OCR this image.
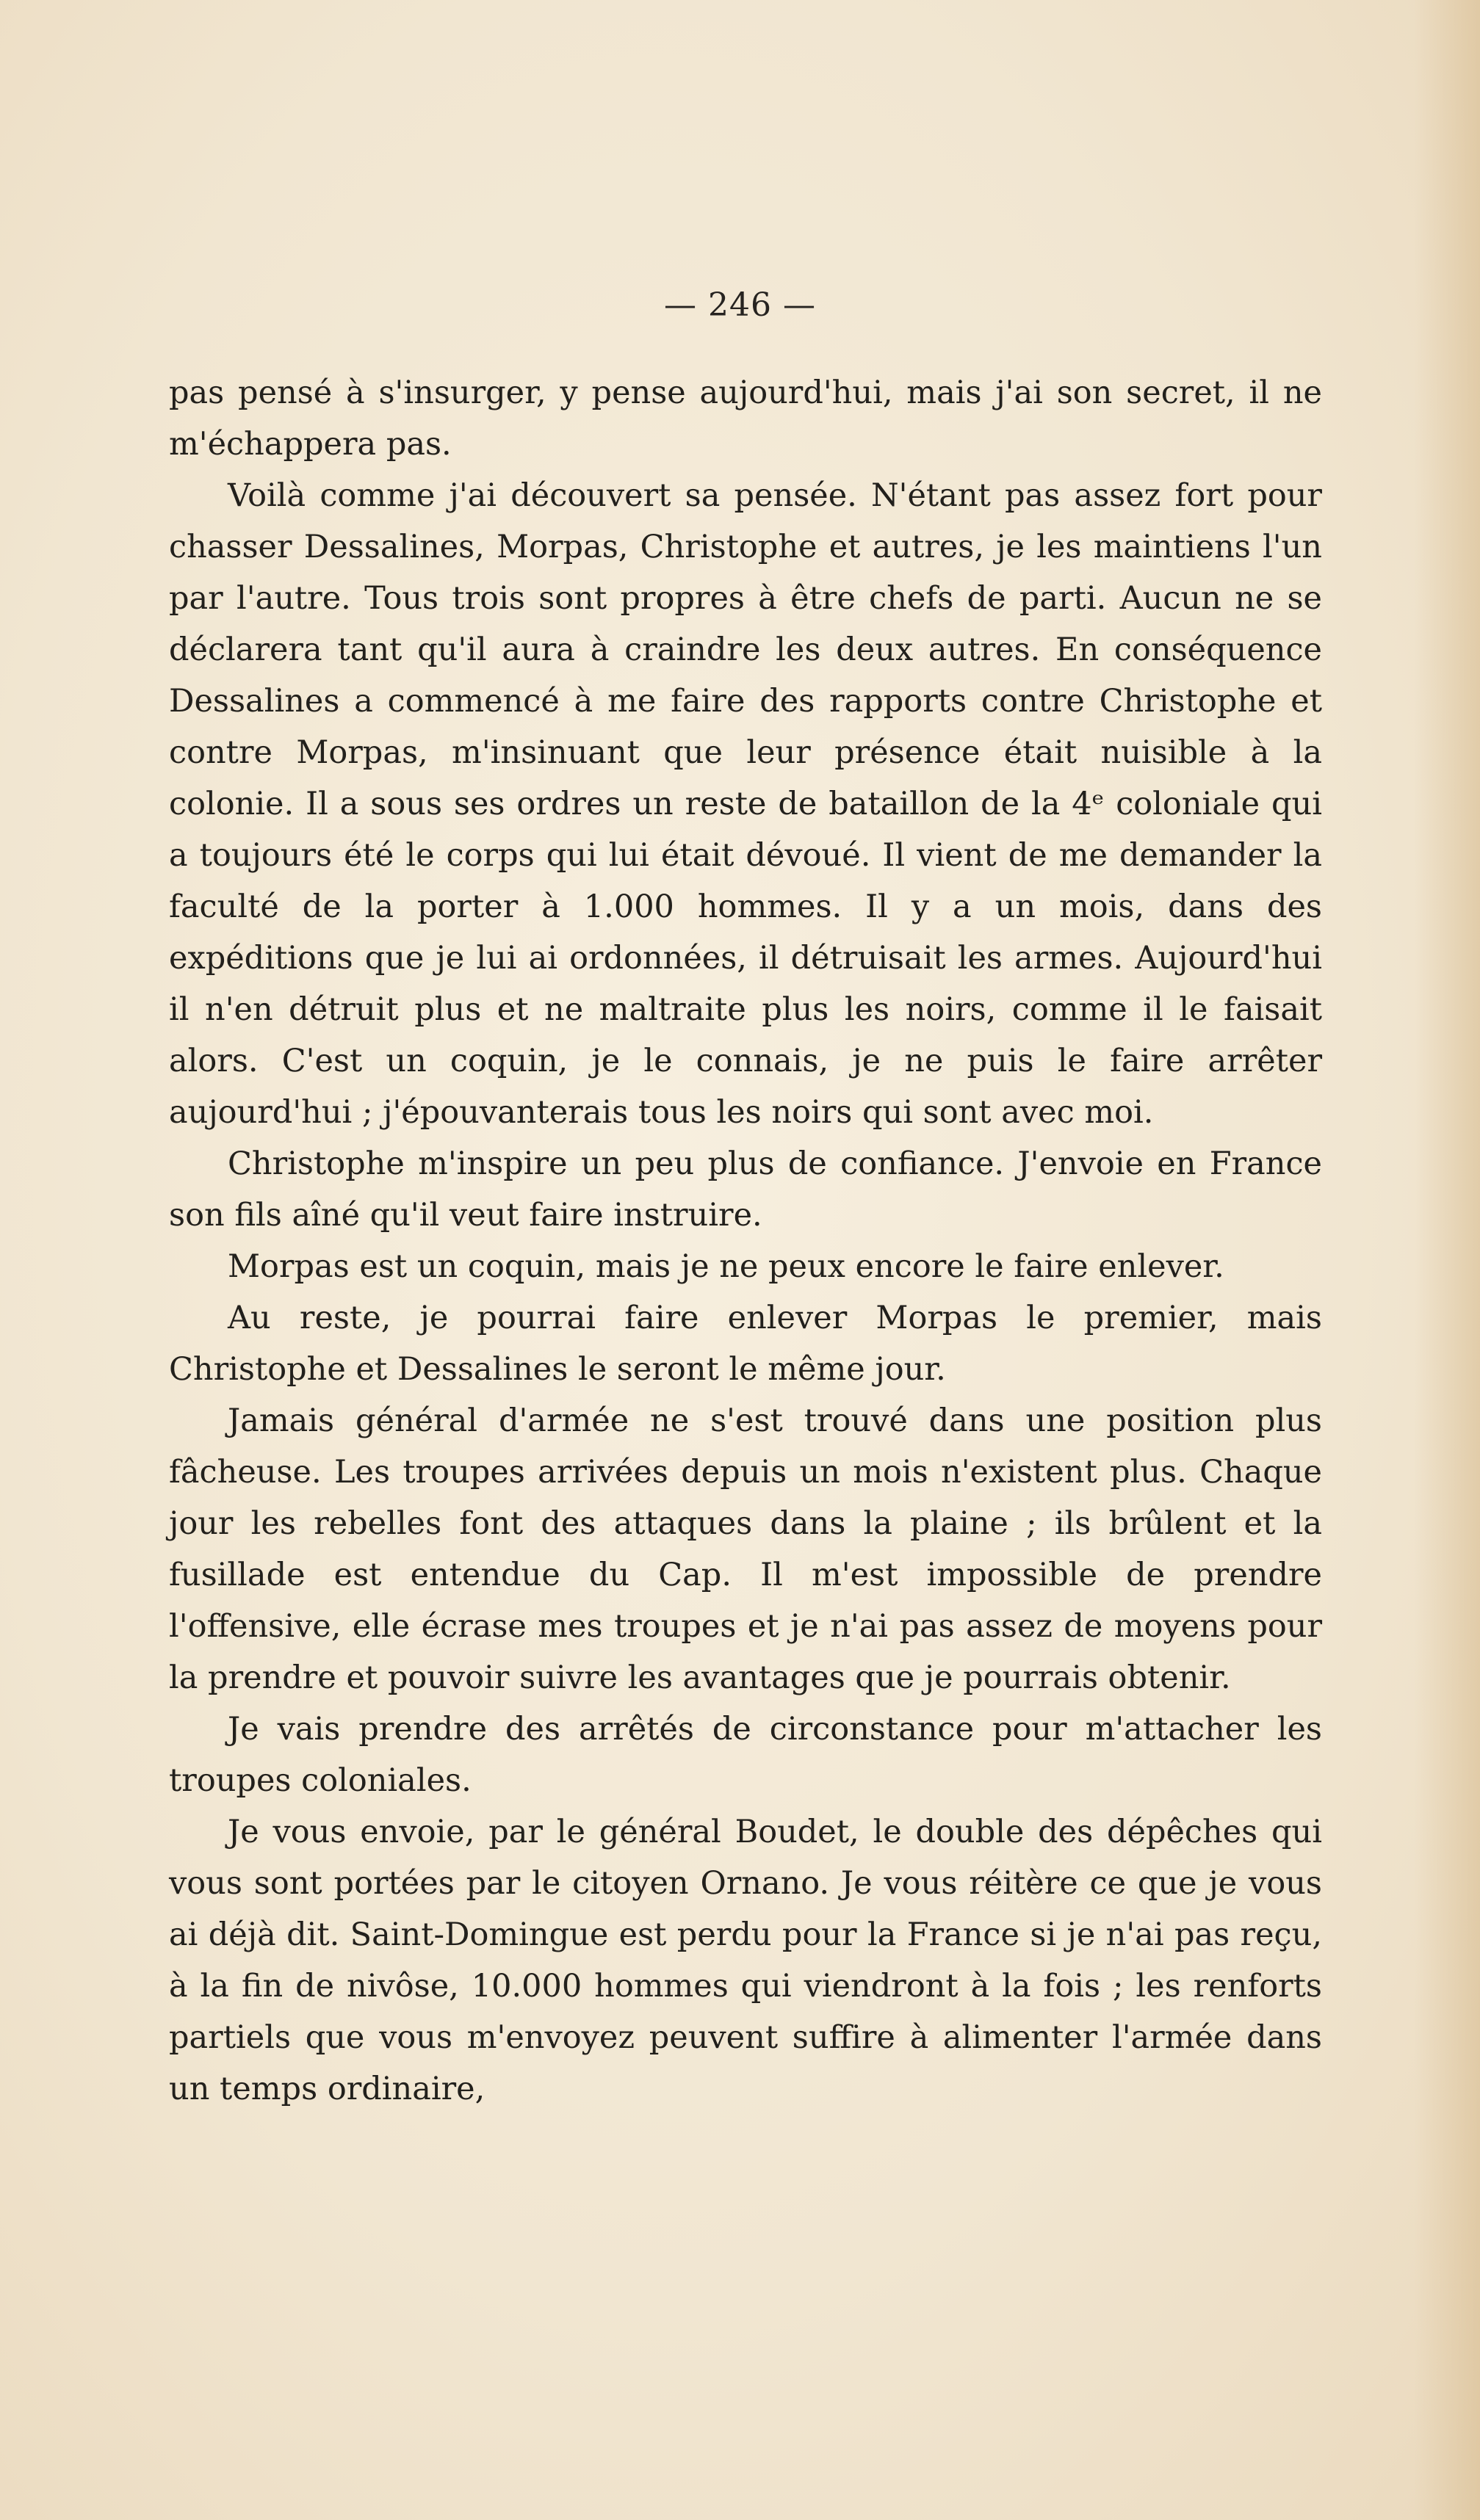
— 246 —

pas pensé à s'insurger, y pense aujourd'hui, mais j'ai son secret, il ne m'échappera pas.

Voilà comme j'ai découvert sa pensée. N'étant pas assez fort pour chasser Dessalines, Morpas, Christophe et autres, je les maintiens l'un par l'autre. Tous trois sont propres à être chefs de parti. Aucun ne se déclarera tant qu'il aura à craindre les deux autres. En conséquence Dessalines a commencé à me faire des rapports contre Christophe et contre Morpas, m'insinuant que leur présence était nuisible à la colonie. Il a sous ses ordres un reste de bataillon de la 4ᵉ coloniale qui a toujours été le corps qui lui était dévoué. Il vient de me demander la faculté de la porter à 1.000 hommes. Il y a un mois, dans des expéditions que je lui ai ordonnées, il détruisait les armes. Aujourd'hui il n'en détruit plus et ne maltraite plus les noirs, comme il le faisait alors. C'est un coquin, je le connais, je ne puis le faire arrêter aujourd'hui ; j'épouvanterais tous les noirs qui sont avec moi.

Christophe m'inspire un peu plus de confiance. J'envoie en France son fils aîné qu'il veut faire instruire.

Morpas est un coquin, mais je ne peux encore le faire enlever.

Au reste, je pourrai faire enlever Morpas le premier, mais Christophe et Dessalines le seront le même jour.

Jamais général d'armée ne s'est trouvé dans une position plus fâcheuse. Les troupes arrivées depuis un mois n'existent plus. Chaque jour les rebelles font des attaques dans la plaine ; ils brûlent et la fusillade est entendue du Cap. Il m'est impossible de prendre l'offensive, elle écrase mes troupes et je n'ai pas assez de moyens pour la prendre et pouvoir suivre les avantages que je pourrais obtenir.

Je vais prendre des arrêtés de circonstance pour m'attacher les troupes coloniales.

Je vous envoie, par le général Boudet, le double des dépêches qui vous sont portées par le citoyen Ornano. Je vous réitère ce que je vous ai déjà dit. Saint-Domingue est perdu pour la France si je n'ai pas reçu, à la fin de nivôse, 10.000 hommes qui viendront à la fois ; les renforts partiels que vous m'envoyez peuvent suffire à alimenter l'armée dans un temps ordinaire,
